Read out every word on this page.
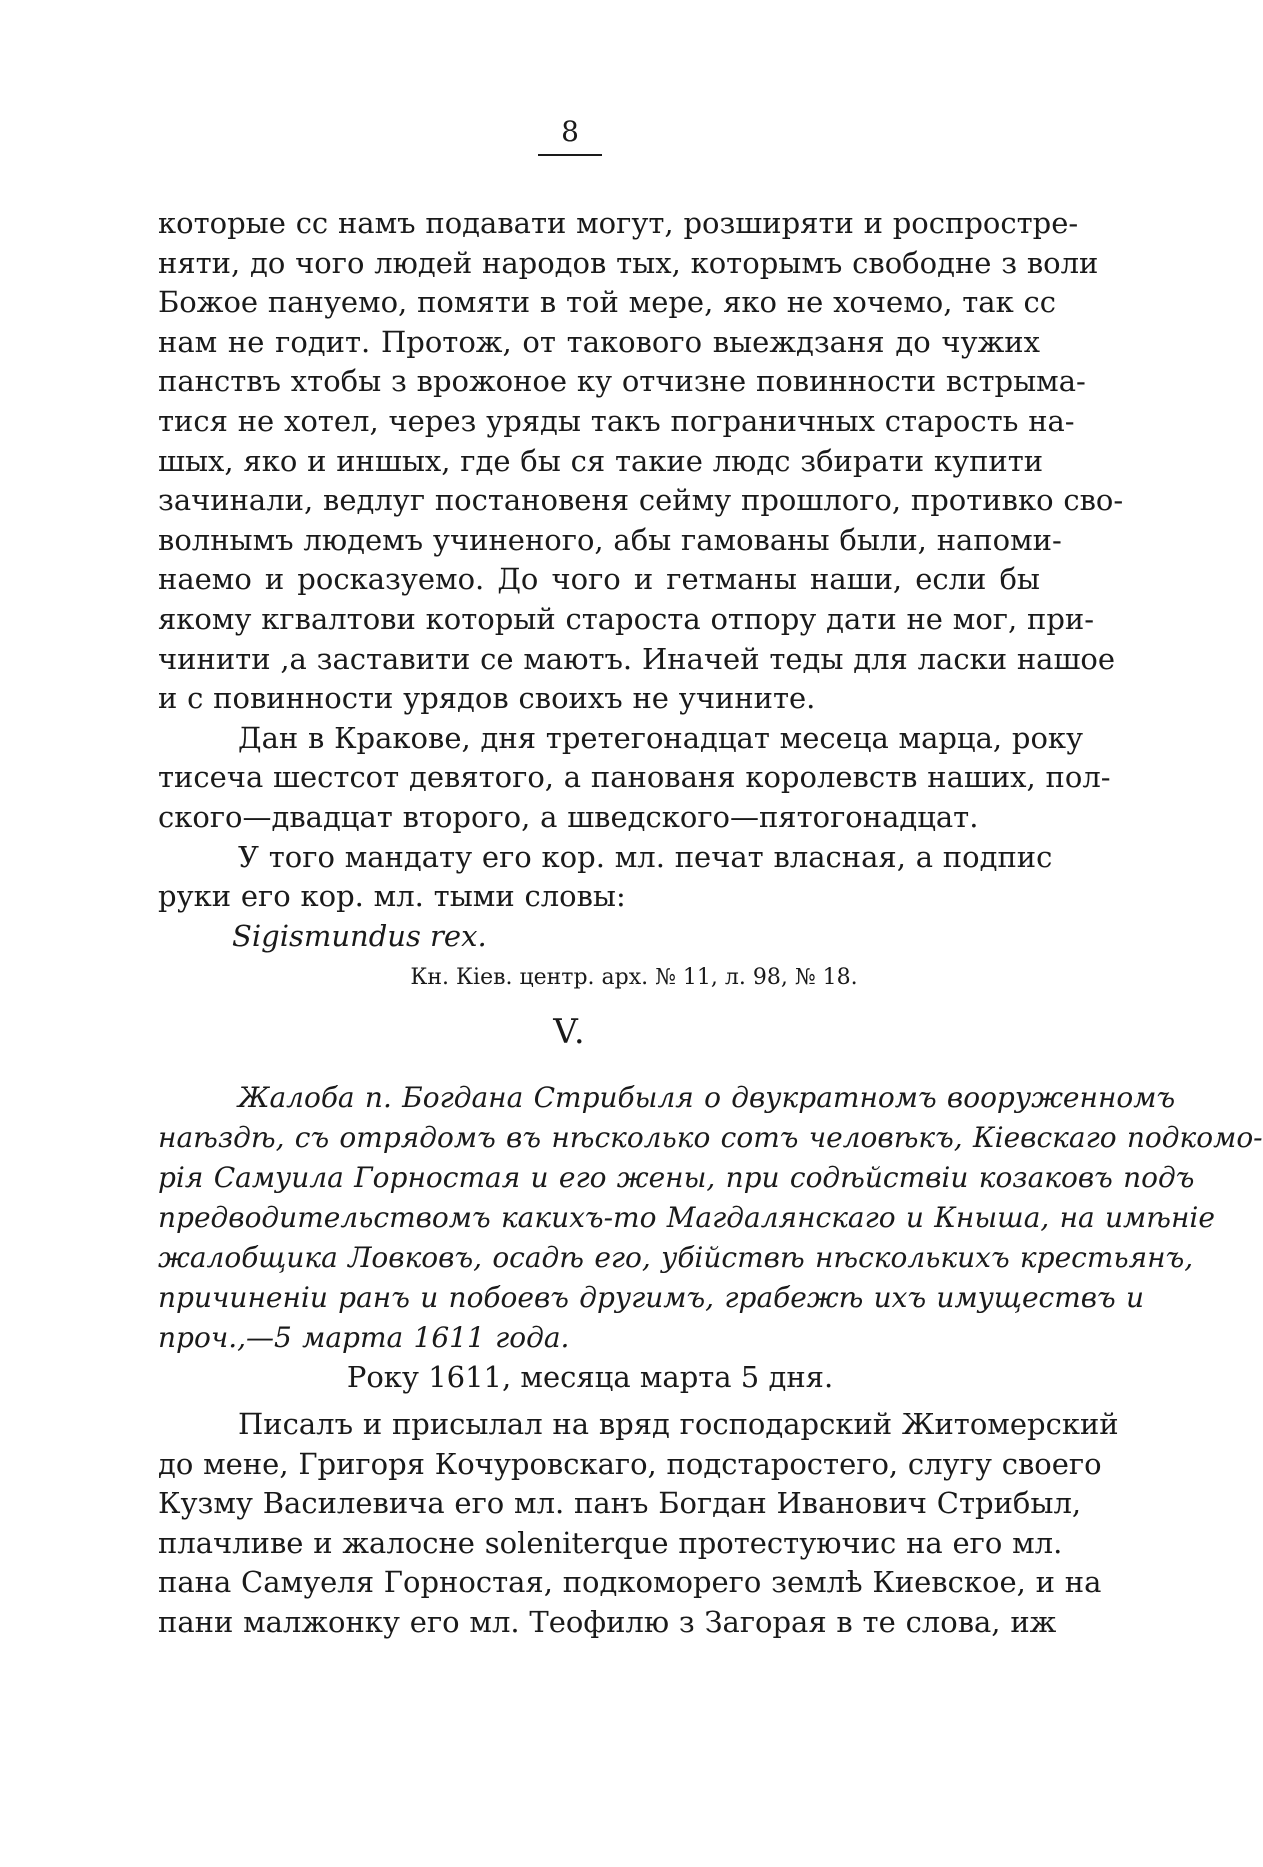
8
которые сс намъ подавати могут, розширяти и роспростре-
няти, до чого людей народов тых, которымъ свободне з воли
Божое пануемо, помяти в той мере, яко не хочемо, так сс
нам не годит. Протож, от таковoго выеждзаня до чужих
панствъ хтобы з врожоное ку отчизне повинности встрыма-
тися не хотел, через уряды такъ пограничных старость на-
шых, яко и иншых, где бы ся такие людс збирати купити
зачинали, ведлуг постановеня сейму прошлого, противко сво-
волнымъ людемъ учиненого, абы гамованы были, напоми-
наемо и росказуемо. До чого и гетманы наши, если бы
якому кгвалтови который староста отпору дати не мог, при-
чинити ,а заставити се маютъ. Иначей теды для ласки нашое
и с повинности урядов своихъ не учините.
Дан в Кракове, дня третегонадцат месеца марца, року
тисеча шестсот девятого, а панованя королевств наших, пол-
ского—двадцат второго, а шведского—пятогонадцат.
У того мандату его кор. мл. печат власная, а подпис
руки его кор. мл. тыми словы:
Sigismundus rex.
Кн. Кiев. центр. арх. № 11, л. 98, № 18.
V.
Жалоба п. Богдана Стрибыля о двукратномъ вооруженномъ
наѣздѣ, съ отрядомъ въ нѣсколько сотъ человѣкъ, Кiевскаго подкомо-
рiя Самуила Горностая и его жены, при содѣйствiи козаковъ подъ
предводительствомъ какихъ-то Магдалянскаго и Кныша, на имѣнiе
жалобщика Ловковъ, осадѣ его, убiйствѣ нѣсколькихъ крестьянъ,
причиненiи ранъ и побоевъ другимъ, грабежѣ ихъ имуществъ и
проч.,—5 марта 1611 года.
Року 1611, месяца марта 5 дня.
Писалъ и присылал на вряд господарский Житомерский
до мене, Григоря Кочуровскаго, подстаростего, слугу своего
Кузму Василевича его мл. панъ Богдан Иванович Стрибыл,
плачливе и жалосне soleniterque протестуючис на его мл.
пана Самуеля Горностая, подкоморего землѣ Киевское, и на
пани малжонку его мл. Теофилю з Загорая в те слова, иж
